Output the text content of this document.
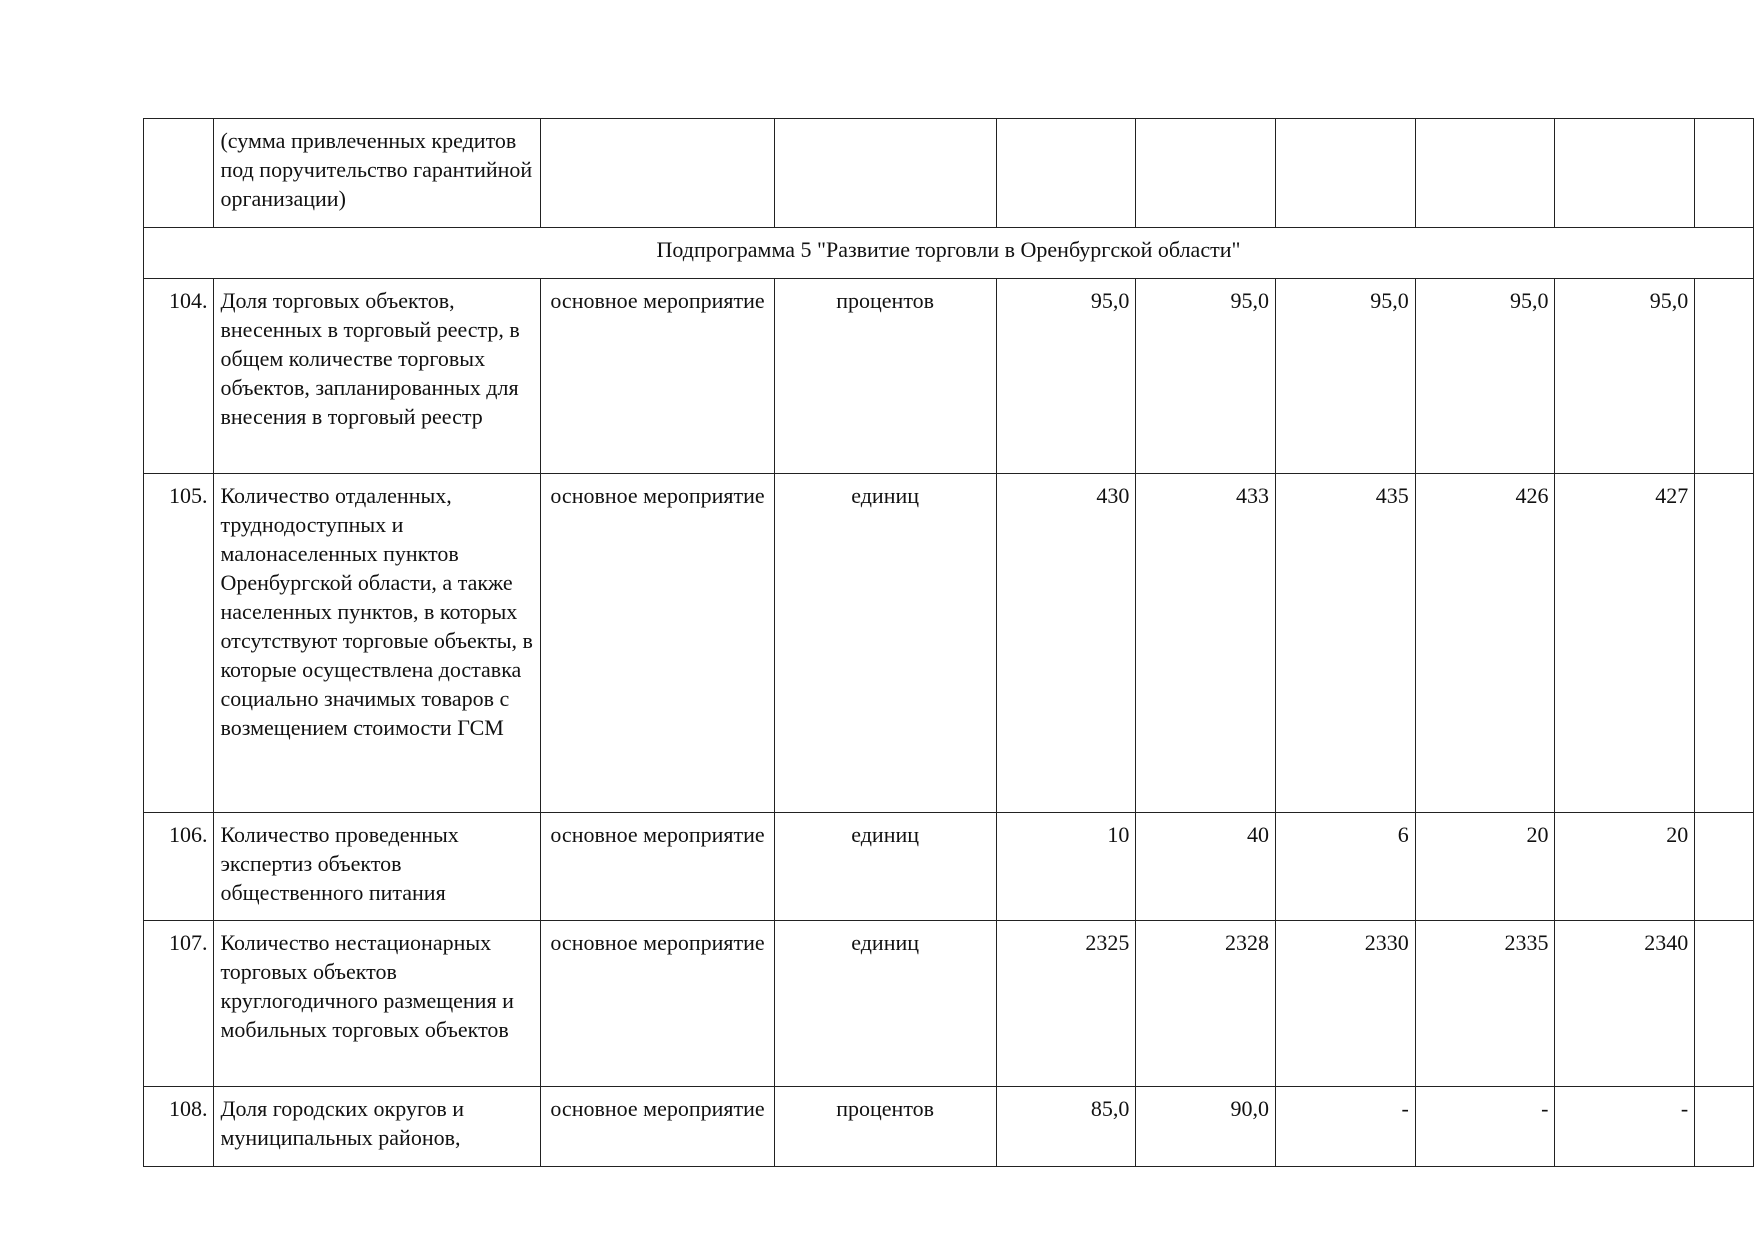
	(сумма привлеченных кредитов под поручительство гарантийной организации)								
Подпрограмма 5 "Развитие торговли в Оренбургской области"									
104.	Доля торговых объектов, внесенных в торговый реестр, в общем количестве торговых объектов, запланированных для внесения в торговый реестр	основное мероприятие	процентов	95,0	95,0	95,0	95,0	95,0	
105.	Количество отдаленных, труднодоступных и малонаселенных пунктов Оренбургской области, а также населенных пунктов, в которых отсутствуют торговые объекты, в которые осуществлена доставка социально значимых товаров с возмещением стоимости ГСМ	основное мероприятие	единиц	430	433	435	426	427	
106.	Количество проведенных экспертиз объектов общественного питания	основное мероприятие	единиц	10	40	6	20	20	
107.	Количество нестационарных торговых объектов круглогодичного размещения и мобильных торговых объектов	основное мероприятие	единиц	2325	2328	2330	2335	2340	
108.	Доля городских округов и муниципальных районов,	основное мероприятие	процентов	85,0	90,0	-	-	-	
